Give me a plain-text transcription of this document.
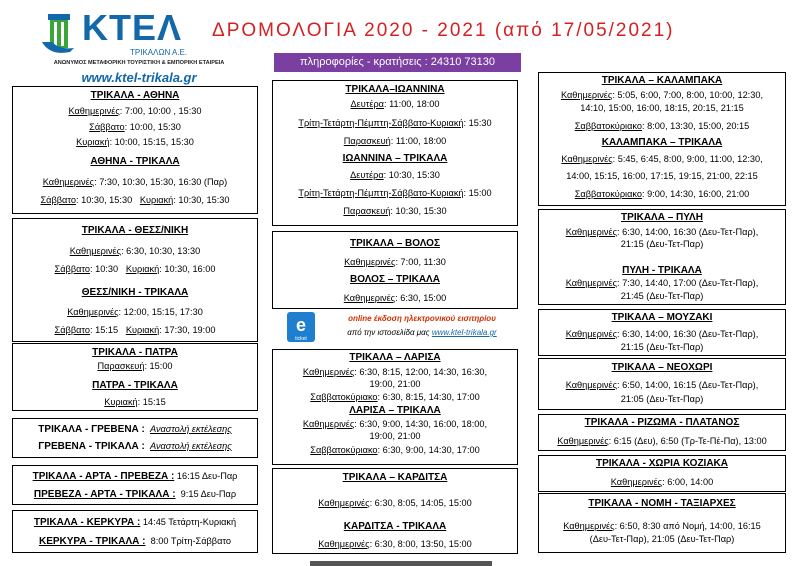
ΚΤΕΛ
ΤΡΙΚΑΛΩΝ Α.Ε.
ΑΝΩΝΥΜΟΣ ΜΕΤΑΦΟΡΙΚΗ ΤΟΥΡΙΣΤΙΚΗ & ΕΜΠΟΡΙΚΗ ΕΤΑΙΡΕΙΑ
www.ktel-trikala.gr
ΔΡΟΜΟΛΟΓΙΑ 2020 - 2021 (από 17/05/2021)
πληροφορίες - κρατήσεις : 24310 73130
ΤΡΙΚΑΛΑ - ΑΘΗΝΑ
Καθημερινές: 7:00, 10:00 , 15:30
Σάββατο: 10:00, 15:30
Κυριακή: 10:00, 15:15, 15:30
ΑΘΗΝΑ - ΤΡΙΚΑΛΑ
Καθημερινές: 7:30, 10:30, 15:30, 16:30 (Παρ)
Σάββατο: 10:30, 15:30 Κυριακή: 10:30, 15:30
ΤΡΙΚΑΛΑ - ΘΕΣΣ/ΝΙΚΗ
Καθημερινές: 6:30, 10:30, 13:30
Σάββατο: 10:30 Κυριακή: 10:30, 16:00
ΘΕΣΣ/ΝΙΚΗ - ΤΡΙΚΑΛΑ
Καθημερινές: 12:00, 15:15, 17:30
Σάββατο: 15:15 Κυριακή: 17:30, 19:00
ΤΡΙΚΑΛΑ - ΠΑΤΡΑ
Παρασκευή: 15:00
ΠΑΤΡΑ - ΤΡΙΚΑΛΑ
Κυριακή: 15:15
ΤΡΙΚΑΛΑ - ΓΡΕΒΕΝΑ : Αναστολή εκτέλεσης
ΓΡΕΒΕΝΑ - ΤΡΙΚΑΛΑ : Αναστολή εκτέλεσης
ΤΡΙΚΑΛΑ - ΑΡΤΑ - ΠΡΕΒΕΖΑ : 16:15 Δευ-Παρ
ΠΡΕΒΕΖΑ - ΑΡΤΑ - ΤΡΙΚΑΛΑ : 9:15 Δευ-Παρ
ΤΡΙΚΑΛΑ - ΚΕΡΚΥΡΑ : 14:45 Τετάρτη-Κυριακή
ΚΕΡΚΥΡΑ - ΤΡΙΚΑΛΑ : 8:00 Τρίτη-Σάββατο
ΤΡΙΚΑΛΑ–ΙΩΑΝΝΙΝΑ
Δευτέρα: 11:00, 18:00
Τρίτη-Τετάρτη-Πέμπτη-Σάββατο-Κυριακή: 15:30
Παρασκευή: 11:00, 18:00
ΙΩΑΝΝΙΝΑ – ΤΡΙΚΑΛΑ
Δευτέρα: 10:30, 15:30
Τρίτη-Τετάρτη-Πέμπτη-Σάββατο-Κυριακή: 15:00
Παρασκευή: 10:30, 15:30
ΤΡΙΚΑΛΑ – ΒΟΛΟΣ
Καθημερινές: 7:00, 11:30
ΒΟΛΟΣ – ΤΡΙΚΑΛΑ
Καθημερινές: 6:30, 15:00
e
ticket
online έκδοση ηλεκτρονικού εισιτηρίου
από την ιστοσελίδα μας www.ktel-trikala.gr
ΤΡΙΚΑΛΑ – ΛΑΡΙΣΑ
Καθημερινές: 6:30, 8:15, 12:00, 14:30, 16:30,
19:00, 21:00
Σαββατοκύριακο: 6:30, 8:15, 14:30, 17:00
ΛΑΡΙΣΑ – ΤΡΙΚΑΛΑ
Καθημερινές: 6:30, 9:00, 14:30, 16:00, 18:00,
19:00, 21:00
Σαββατοκύριακο: 6:30, 9:00, 14:30, 17:00
ΤΡΙΚΑΛΑ – ΚΑΡΔΙΤΣΑ
Καθημερινές: 6:30, 8:05, 14:05, 15:00
ΚΑΡΔΙΤΣΑ - ΤΡΙΚΑΛΑ
Καθημερινές: 6:30, 8:00, 13:50, 15:00
ΤΡΙΚΑΛΑ – ΚΑΛΑΜΠΑΚΑ
Καθημερινές: 5:05, 6:00, 7:00, 8:00, 10:00, 12:30,
14:10, 15:00, 16:00, 18:15, 20:15, 21:15
Σαββατοκύριακο: 8:00, 13:30, 15:00, 20:15
ΚΑΛΑΜΠΑΚΑ – ΤΡΙΚΑΛΑ
Καθημερινές: 5:45, 6:45, 8:00, 9:00, 11:00, 12:30,
14:00, 15:15, 16:00, 17:15, 19:15, 21:00, 22:15
Σαββατοκύριακο: 9:00, 14:30, 16:00, 21:00
ΤΡΙΚΑΛΑ – ΠΥΛΗ
Καθημερινές: 6:30, 14:00, 16:30 (Δευ-Τετ-Παρ),
21:15 (Δευ-Τετ-Παρ)
ΠΥΛΗ - ΤΡΙΚΑΛΑ
Καθημερινές: 7:30, 14:40, 17:00 (Δευ-Τετ-Παρ),
21:45 (Δευ-Τετ-Παρ)
ΤΡΙΚΑΛΑ – ΜΟΥΖΑΚΙ
Καθημερινές: 6:30, 14:00, 16:30 (Δευ-Τετ-Παρ),
21:15 (Δευ-Τετ-Παρ)
ΤΡΙΚΑΛΑ – ΝΕΟΧΩΡΙ
Καθημερινές: 6:50, 14:00, 16:15 (Δευ-Τετ-Παρ),
21:05 (Δευ-Τετ-Παρ)
ΤΡΙΚΑΛΑ - ΡΙΖΩΜΑ - ΠΛΑΤΑΝΟΣ
Καθημερινές: 6:15 (Δευ), 6:50 (Τρ-Τε-Πέ-Πα), 13:00
ΤΡΙΚΑΛΑ - ΧΩΡΙΑ ΚΟΖΙΑΚΑ
Καθημερινές: 6:00, 14:00
ΤΡΙΚΑΛΑ - ΝΟΜΗ - ΤΑΞΙΑΡΧΕΣ
Καθημερινές: 6:50, 8:30 από Νομή, 14:00, 16:15
(Δευ-Τετ-Παρ), 21:05 (Δευ-Τετ-Παρ)
